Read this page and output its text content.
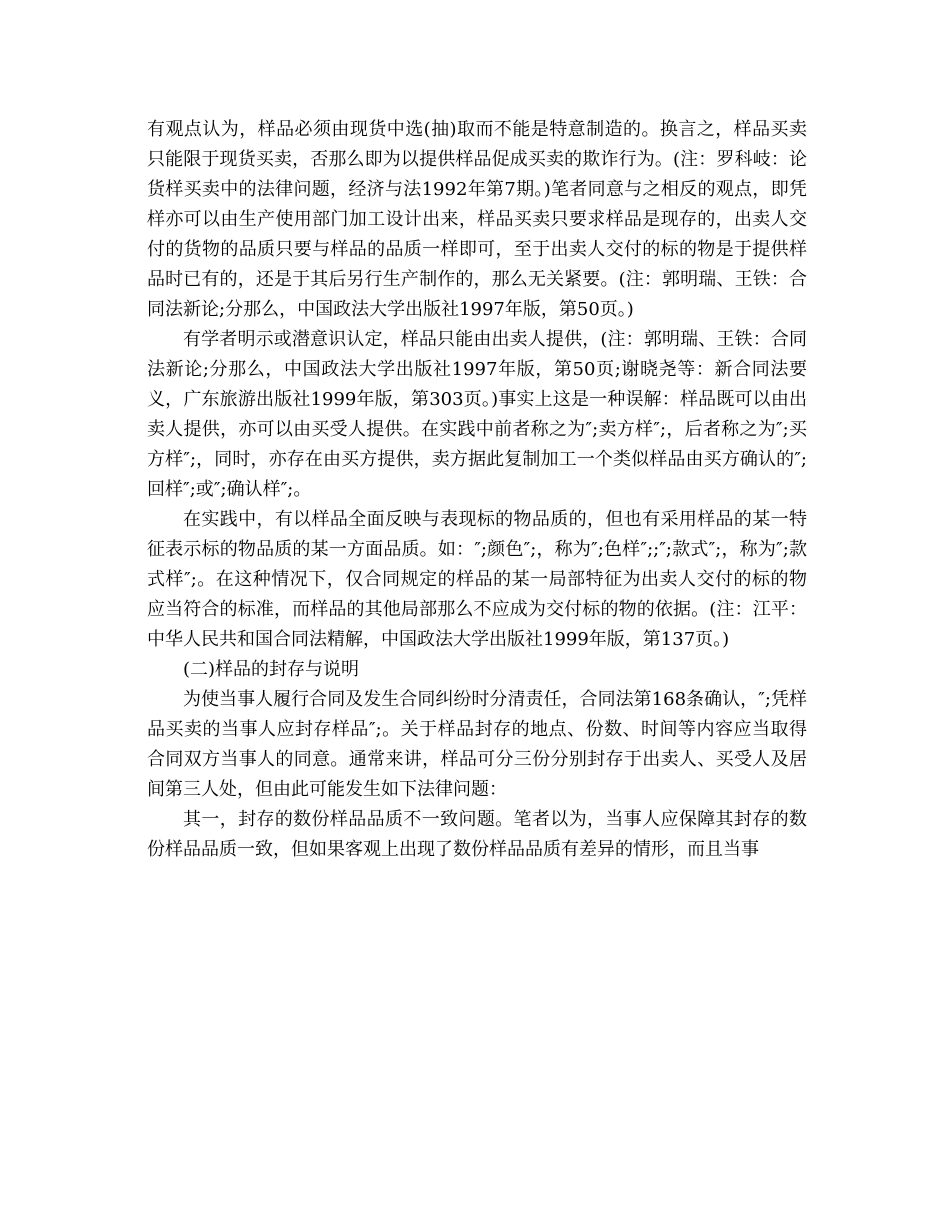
有观点认为，样品必须由现货中选(抽)取而不能是特意制造的。换言之，样品买卖只能限于现货买卖，否那么即为以提供样品促成买卖的欺诈行为。(注：罗科岐：论货样买卖中的法律问题，经济与法1992年第7期。)笔者同意与之相反的观点，即凭样亦可以由生产使用部门加工设计出来，样品买卖只要求样品是现存的，出卖人交付的货物的品质只要与样品的品质一样即可，至于出卖人交付的标的物是于提供样品时已有的，还是于其后另行生产制作的，那么无关紧要。(注：郭明瑞、王铁：合同法新论;分那么，中国政法大学出版社1997年版，第50页。)

有学者明示或潜意识认定，样品只能由出卖人提供，(注：郭明瑞、王铁：合同法新论;分那么，中国政法大学出版社1997年版，第50页;谢晓尧等：新合同法要义，广东旅游出版社1999年版，第303页。)事实上这是一种误解：样品既可以由出卖人提供，亦可以由买受人提供。在实践中前者称之为″;卖方样″;，后者称之为″;买方样″;，同时，亦存在由买方提供，卖方据此复制加工一个类似样品由买方确认的″;回样″;或″;确认样″;。

在实践中，有以样品全面反映与表现标的物品质的，但也有采用样品的某一特征表示标的物品质的某一方面品质。如：″;颜色″;，称为″;色样″;;″;款式″;，称为″;款式样″;。在这种情况下，仅合同规定的样品的某一局部特征为出卖人交付的标的物应当符合的标准，而样品的其他局部那么不应成为交付标的物的依据。(注：江平：中华人民共和国合同法精解，中国政法大学出版社1999年版，第137页。)

(二)样品的封存与说明

为使当事人履行合同及发生合同纠纷时分清责任，合同法第168条确认，″;凭样品买卖的当事人应封存样品″;。关于样品封存的地点、份数、时间等内容应当取得合同双方当事人的同意。通常来讲，样品可分三份分别封存于出卖人、买受人及居间第三人处，但由此可能发生如下法律问题：

其一，封存的数份样品品质不一致问题。笔者以为，当事人应保障其封存的数份样品品质一致，但如果客观上出现了数份样品品质有差异的情形，而且当事
